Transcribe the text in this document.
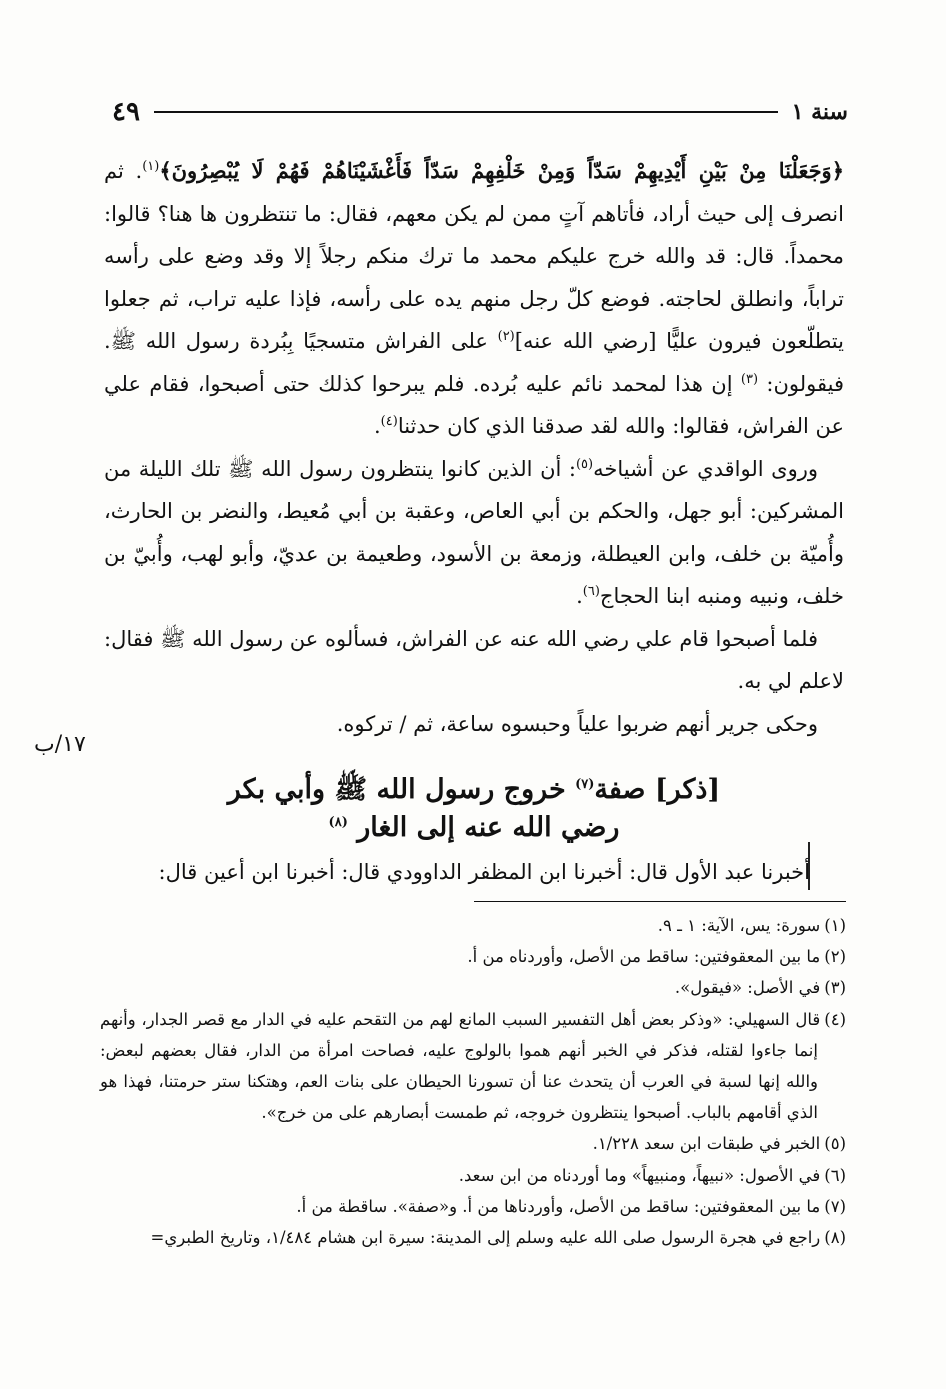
سنة ١
٤٩

﴿وَجَعَلْنَا مِنْ بَيْنِ أَيْدِيهِمْ سَدّاً وَمِنْ خَلْفِهِمْ سَدّاً فَأَغْشَيْنَاهُمْ فَهُمْ لَا يُبْصِرُونَ﴾$^{(١)}$. ثم انصرف إلى حيث أراد، فأتاهم آتٍ ممن لم يكن معهم، فقال: ما تنتظرون ها هنا؟ قالوا: محمداً. قال: قد والله خرج عليكم محمد ما ترك منكم رجلاً إلا وقد وضع على رأسه تراباً، وانطلق لحاجته. فوضع كلّ رجل منهم يده على رأسه، فإذا عليه تراب، ثم جعلوا يتطلّعون فيرون عليًّا [رضي الله عنه]$^{(٢)}$ على الفراش متسجيًا بِبُردة رسول الله ﷺ. فيقولون: $^{(٣)}$ إن هذا لمحمد نائم عليه بُرده. فلم يبرحوا كذلك حتى أصبحوا، فقام علي عن الفراش، فقالوا: والله لقد صدقنا الذي كان حدثنا$^{(٤)}$.

وروى الواقدي عن أشياخه$^{(٥)}$: أن الذين كانوا ينتظرون رسول الله ﷺ تلك الليلة من المشركين: أبو جهل، والحكم بن أبي العاص، وعقبة بن أبي مُعيط، والنضر بن الحارث، وأُميّة بن خلف، وابن العيطلة، وزمعة بن الأسود، وطعيمة بن عديّ، وأبو لهب، وأُبيّ بن خلف، ونبيه ومنبه ابنا الحجاج$^{(٦)}$.

فلما أصبحوا قام علي رضي الله عنه عن الفراش، فسألوه عن رسول الله ﷺ فقال: لاعلم لي به.

وحكى جرير أنهم ضربوا علياً وحبسوه ساعة، ثم / تركوه.

١٧/ب
[ذكر] صفة$^{(٧)}$ خروج رسول الله ﷺ وأبي بكر
رضي الله عنه إلى الغار $^{(٨)}$
أخبرنا عبد الأول قال: أخبرنا ابن المظفر الداوودي قال: أخبرنا ابن أعين قال:

(١)سورة: يس، الآية: ١ ـ ٩.

(٢)ما بين المعقوفتين: ساقط من الأصل، وأوردناه من أ.

(٣)في الأصل: «فيقول».

(٤)قال السهيلي: «وذكر بعض أهل التفسير السبب المانع لهم من التقحم عليه في الدار مع قصر الجدار، وأنهم إنما جاءوا لقتله، فذكر في الخبر أنهم هموا بالولوج عليه، فصاحت امرأة من الدار، فقال بعضهم لبعض: والله إنها لسبة في العرب أن يتحدث عنا أن تسورنا الحيطان على بنات العم، وهتكنا ستر حرمتنا، فهذا هو الذي أقامهم بالباب. أصبحوا ينتظرون خروجه، ثم طمست أبصارهم على من خرج».

(٥)الخبر في طبقات ابن سعد ١/٢٢٨.

(٦)في الأصول: «نبيهاً، ومنبيهاً» وما أوردناه من ابن سعد.

(٧)ما بين المعقوفتين: ساقط من الأصل، وأوردناها من أ. و«صفة». ساقطة من أ.

(٨)راجع في هجرة الرسول صلى الله عليه وسلم إلى المدينة: سيرة ابن هشام ١/٤٨٤، وتاريخ الطبري=
